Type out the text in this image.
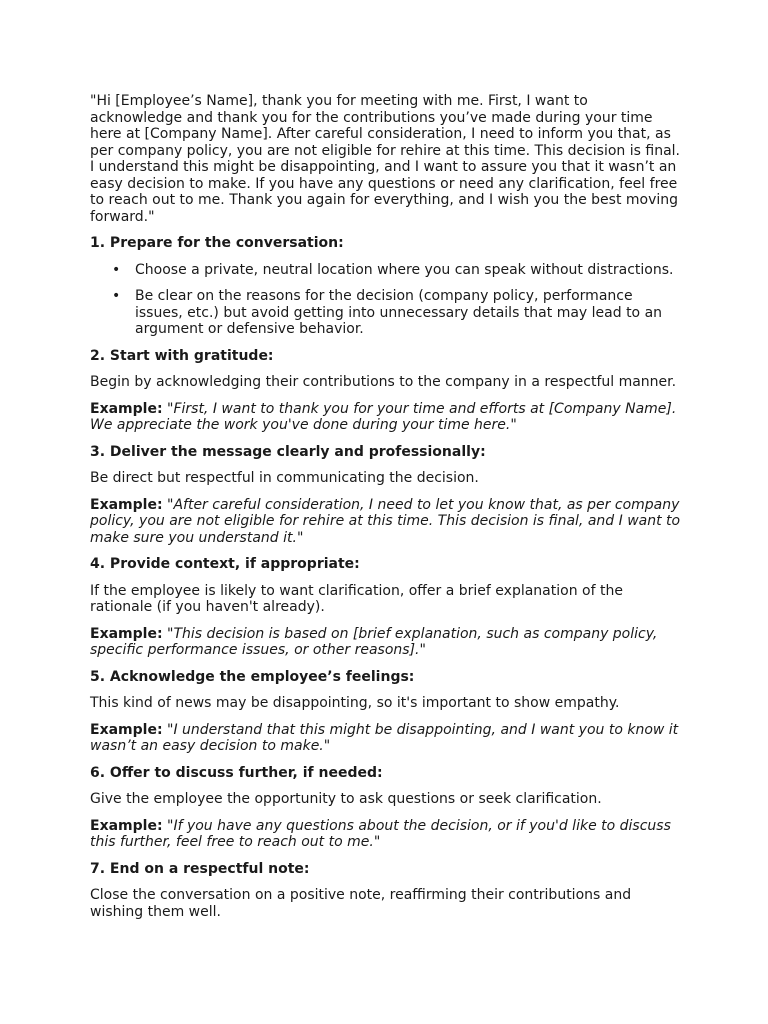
"Hi [Employee’s Name], thank you for meeting with me. First, I want to acknowledge and thank you for the contributions you’ve made during your time here at [Company Name]. After careful consideration, I need to inform you that, as per company policy, you are not eligible for rehire at this time. This decision is final. I understand this might be disappointing, and I want to assure you that it wasn’t an easy decision to make. If you have any questions or need any clarification, feel free to reach out to me. Thank you again for everything, and I wish you the best moving forward."

1. Prepare for the conversation:

• Choose a private, neutral location where you can speak without distractions.
• Be clear on the reasons for the decision (company policy, performance issues, etc.) but avoid getting into unnecessary details that may lead to an argument or defensive behavior.

2. Start with gratitude:

Begin by acknowledging their contributions to the company in a respectful manner.

Example: "First, I want to thank you for your time and efforts at [Company Name]. We appreciate the work you've done during your time here."

3. Deliver the message clearly and professionally:

Be direct but respectful in communicating the decision.

Example: "After careful consideration, I need to let you know that, as per company policy, you are not eligible for rehire at this time. This decision is final, and I want to make sure you understand it."

4. Provide context, if appropriate:

If the employee is likely to want clarification, offer a brief explanation of the rationale (if you haven't already).

Example: "This decision is based on [brief explanation, such as company policy, specific performance issues, or other reasons]."

5. Acknowledge the employee’s feelings:

This kind of news may be disappointing, so it's important to show empathy.

Example: "I understand that this might be disappointing, and I want you to know it wasn’t an easy decision to make."

6. Offer to discuss further, if needed:

Give the employee the opportunity to ask questions or seek clarification.

Example: "If you have any questions about the decision, or if you'd like to discuss this further, feel free to reach out to me."

7. End on a respectful note:

Close the conversation on a positive note, reaffirming their contributions and wishing them well.
